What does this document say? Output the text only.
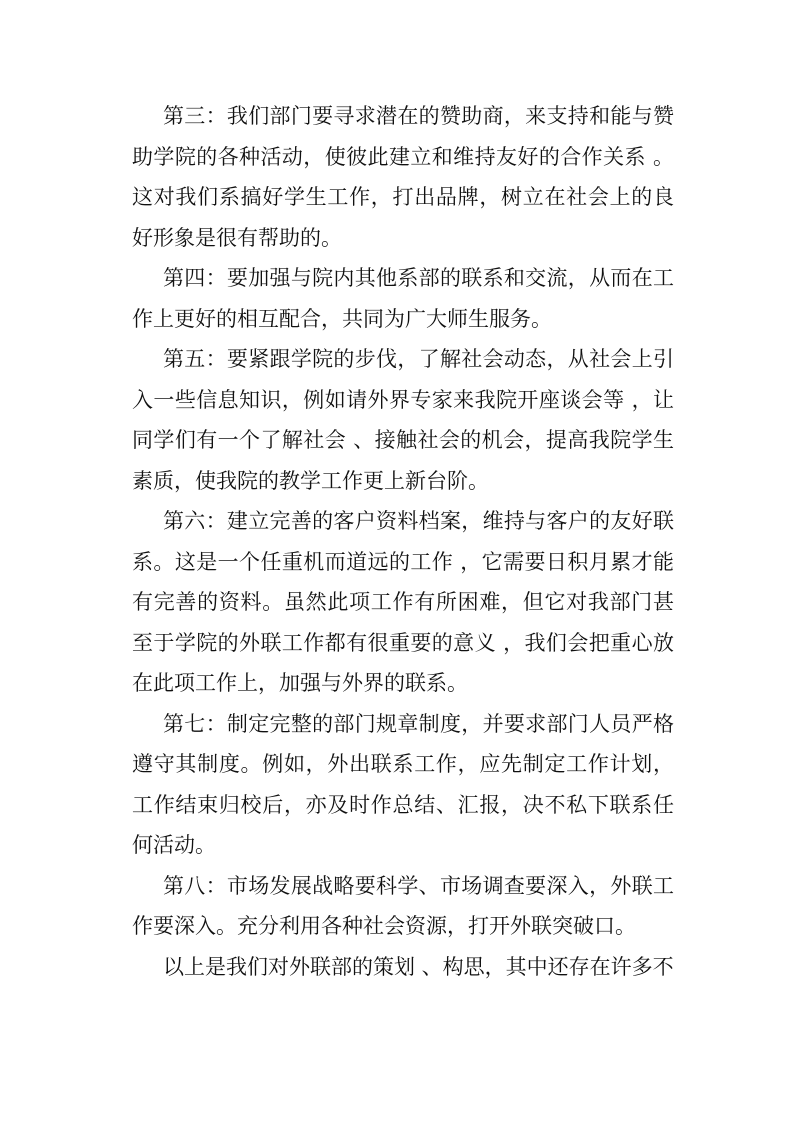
第三：我们部门要寻求潜在的赞助商，来支持和能与赞助学院的各种活动，使彼此建立和维持友好的合作关系 。这对我们系搞好学生工作，打出品牌，树立在社会上的良好形象是很有帮助的。

第四：要加强与院内其他系部的联系和交流，从而在工作上更好的相互配合，共同为广大师生服务。

第五：要紧跟学院的步伐，了解社会动态，从社会上引入一些信息知识，例如请外界专家来我院开座谈会等 ，让同学们有一个了解社会 、接触社会的机会，提高我院学生素质，使我院的教学工作更上新台阶。

第六：建立完善的客户资料档案，维持与客户的友好联系。这是一个任重机而道远的工作 ，它需要日积月累才能有完善的资料。虽然此项工作有所困难，但它对我部门甚至于学院的外联工作都有很重要的意义 ，我们会把重心放在此项工作上，加强与外界的联系。

第七：制定完整的部门规章制度，并要求部门人员严格遵守其制度。例如，外出联系工作，应先制定工作计划，工作结束归校后，亦及时作总结、汇报，决不私下联系任何活动。

第八：市场发展战略要科学、市场调查要深入，外联工作要深入。充分利用各种社会资源，打开外联突破口。

以上是我们对外联部的策划 、构思，其中还存在许多不
